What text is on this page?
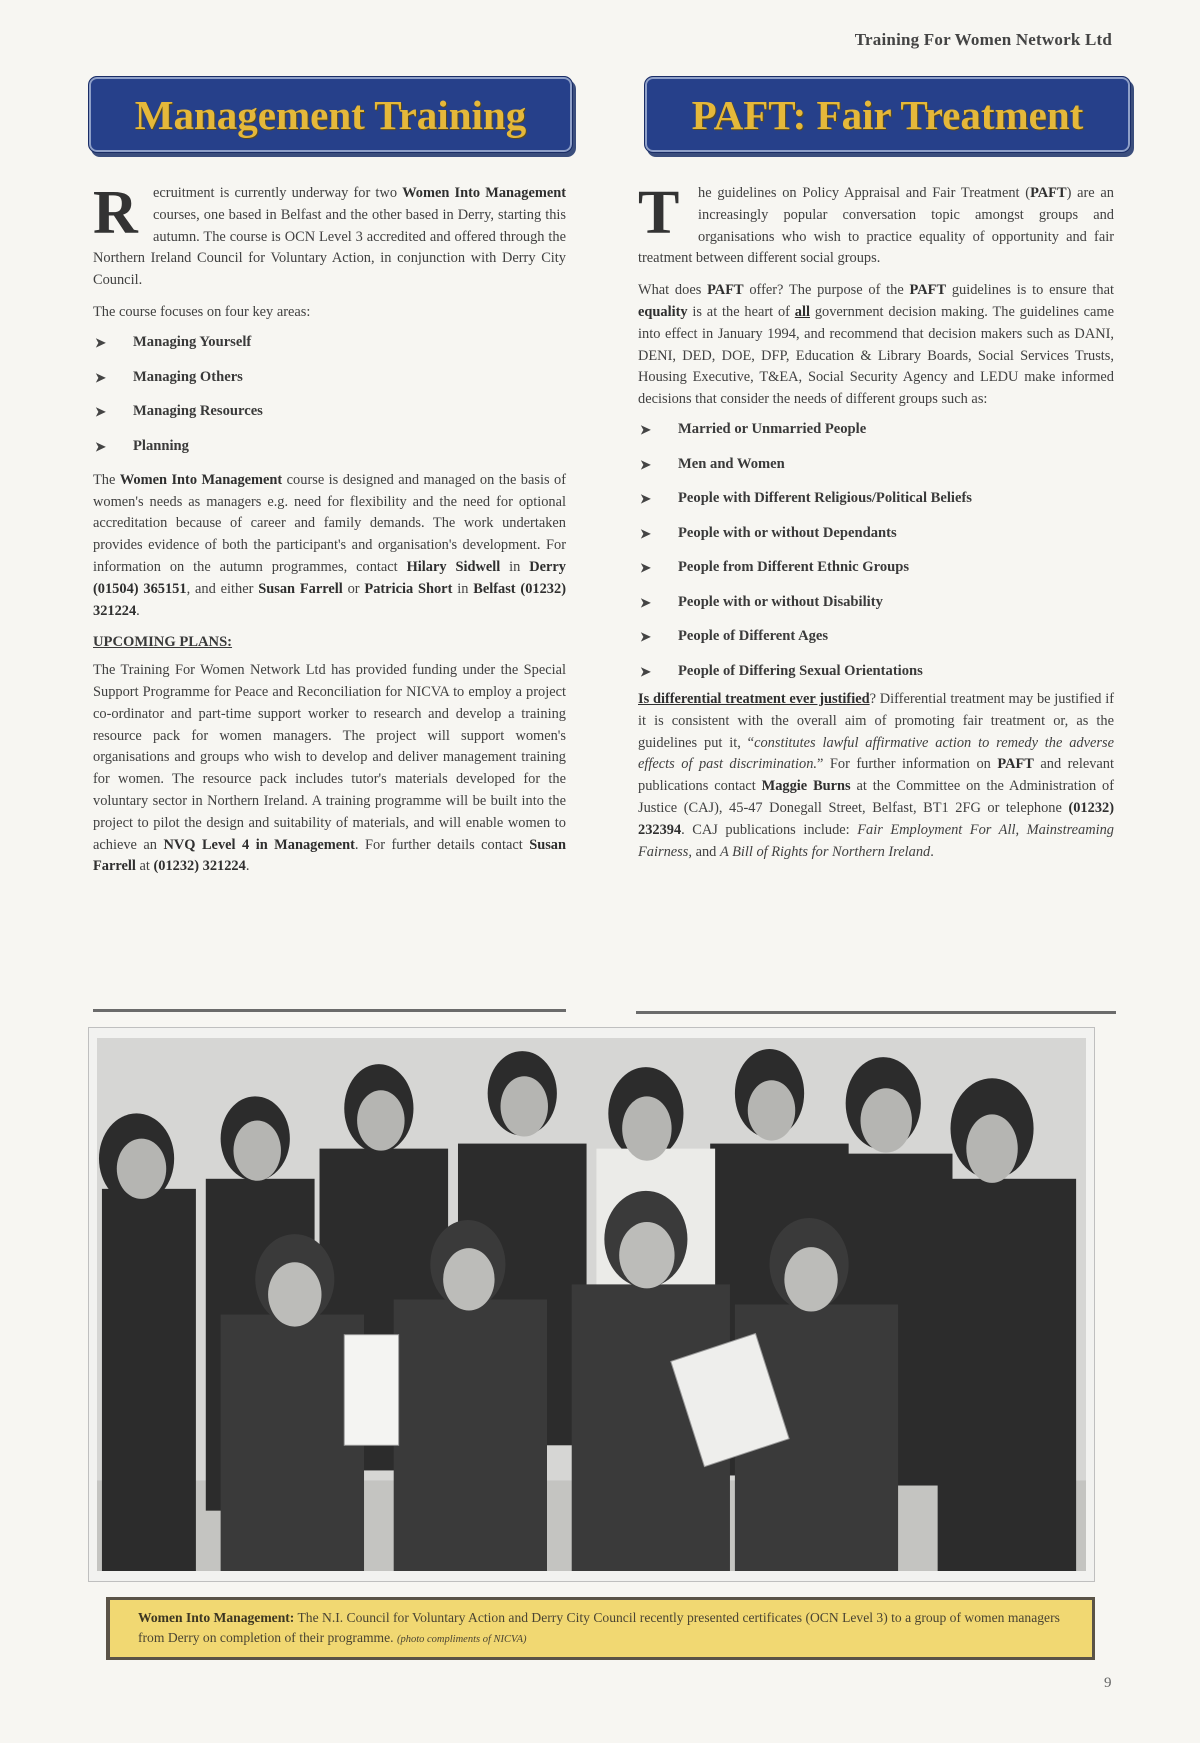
Training For Women Network Ltd
Management Training	PAFT: Fair Treatment

R ecruitment is currently underway for two Women Into Management courses, one based in Belfast and the other based in Derry, starting this autumn. The course is OCN Level 3 accredited and offered through the Northern Ireland Council for Voluntary Action, in conjunction with Derry City Council.

The course focuses on four key areas:

➤	Managing Yourself
➤	Managing Others
➤	Managing Resources
➤	Planning

The Women Into Management course is designed and managed on the basis of women's needs as managers e.g. need for flexibility and the need for optional accreditation because of career and family demands. The work undertaken provides evidence of both the participant's and organisation's development. For information on the autumn programmes, contact Hilary Sidwell in Derry (01504) 365151, and either Susan Farrell or Patricia Short in Belfast (01232) 321224.

UPCOMING PLANS:

The Training For Women Network Ltd has provided funding under the Special Support Programme for Peace and Reconciliation for NICVA to employ a project co-ordinator and part-time support worker to research and develop a training resource pack for women managers. The project will support women's organisations and groups who wish to develop and deliver management training for women. The resource pack includes tutor's materials developed for the voluntary sector in Northern Ireland. A training programme will be built into the project to pilot the design and suitability of materials, and will enable women to achieve an NVQ Level 4 in Management. For further details contact Susan Farrell at (01232) 321224.

T he guidelines on Policy Appraisal and Fair Treatment (PAFT) are an increasingly popular conversation topic amongst groups and organisations who wish to practice equality of opportunity and fair treatment between different social groups.

What does PAFT offer? The purpose of the PAFT guidelines is to ensure that equality is at the heart of all government decision making. The guidelines came into effect in January 1994, and recommend that decision makers such as DANI, DENI, DED, DOE, DFP, Education & Library Boards, Social Services Trusts, Housing Executive, T&EA, Social Security Agency and LEDU make informed decisions that consider the needs of different groups such as:

➤	Married or Unmarried People
➤	Men and Women
➤	People with Different Religious/Political Beliefs
➤	People with or without Dependants
➤	People from Different Ethnic Groups
➤	People with or without Disability
➤	People of Different Ages
➤	People of Differing Sexual Orientations

Is differential treatment ever justified? Differential treatment may be justified if it is consistent with the overall aim of promoting fair treatment or, as the guidelines put it, “constitutes lawful affirmative action to remedy the adverse effects of past discrimination.” For further information on PAFT and relevant publications contact Maggie Burns at the Committee on the Administration of Justice (CAJ), 45-47 Donegall Street, Belfast, BT1 2FG or telephone (01232) 232394. CAJ publications include: Fair Employment For All, Mainstreaming Fairness, and A Bill of Rights for Northern Ireland.

Women Into Management: The N.I. Council for Voluntary Action and Derry City Council recently presented certificates (OCN Level 3) to a group of women managers from Derry on completion of their programme. (photo compliments of NICVA)
9
